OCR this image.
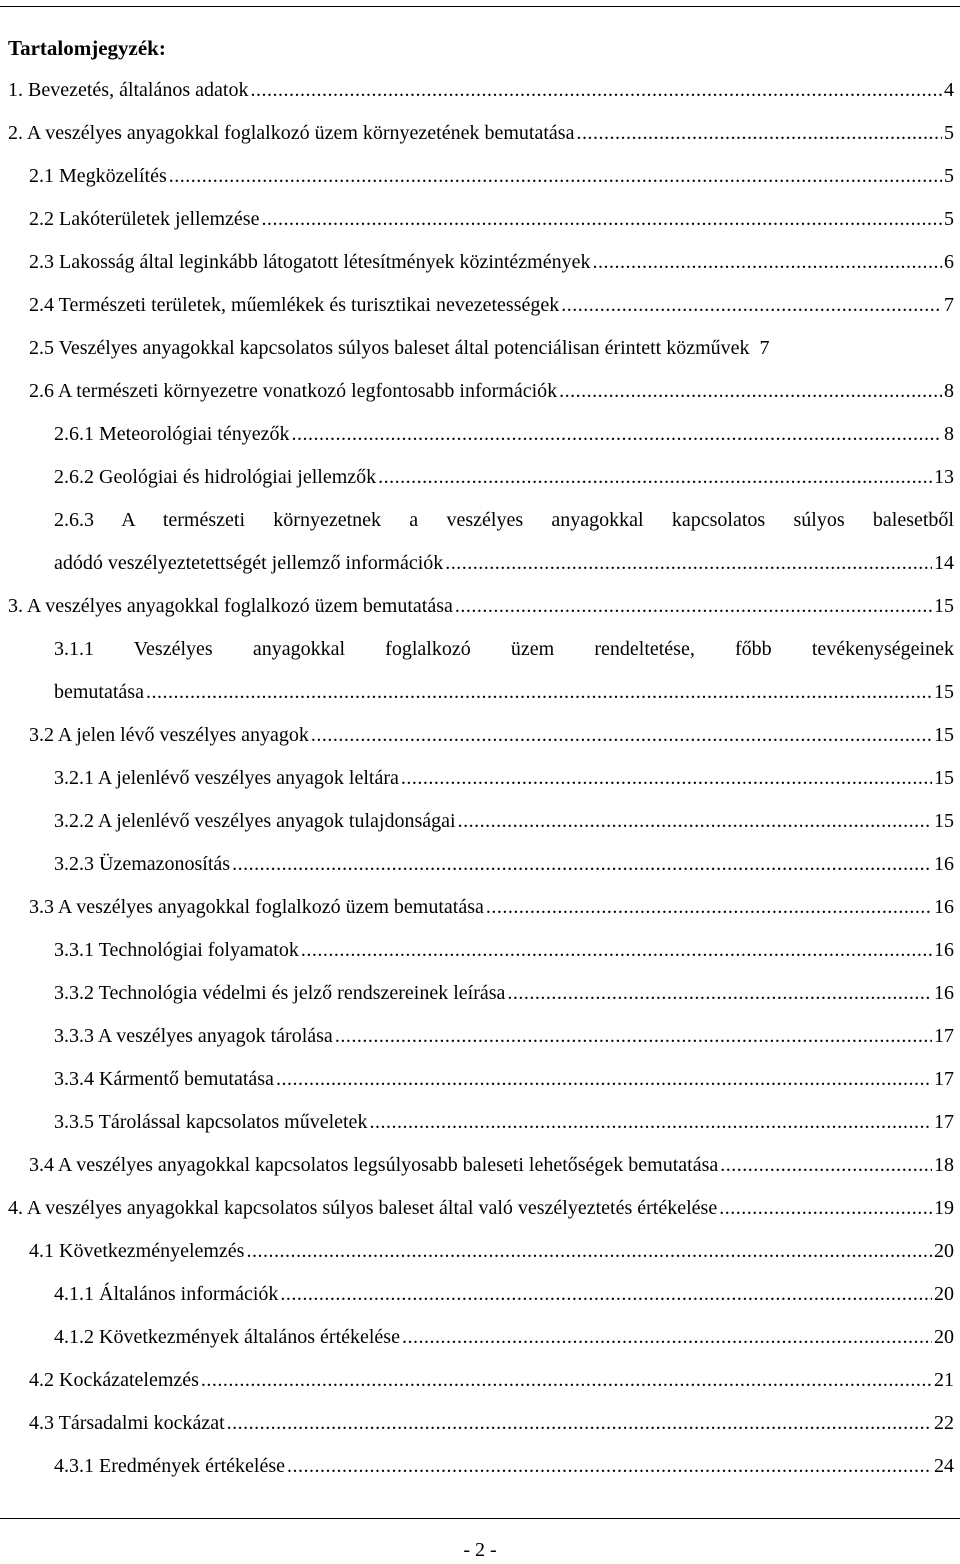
Tartalomjegyzék:
1. Bevezetés, általános adatok .....	4
2. A veszélyes anyagokkal foglalkozó üzem környezetének bemutatása .....	5
2.1 Megközelítés .....	5
2.2 Lakóterületek jellemzése .....	5
2.3 Lakosság által leginkább látogatott létesítmények közintézmények .....	6
2.4 Természeti területek, műemlékek és turisztikai nevezetességek .....	7
2.5 Veszélyes anyagokkal kapcsolatos súlyos baleset által potenciálisan érintett közművek 7
2.6 A természeti környezetre vonatkozó legfontosabb információk .....	8
2.6.1 Meteorológiai tényezők .....	8
2.6.2 Geológiai és hidrológiai jellemzők .....	13
2.6.3 A természeti környezetnek a veszélyes anyagokkal kapcsolatos súlyos balesetből
adódó veszélyeztetettségét jellemző információk .....	14
3. A veszélyes anyagokkal foglalkozó üzem bemutatása .....	15
3.1.1 Veszélyes anyagokkal foglalkozó üzem rendeltetése, főbb tevékenységeinek
bemutatása .....	15
3.2 A jelen lévő veszélyes anyagok .....	15
3.2.1 A jelenlévő veszélyes anyagok leltára .....	15
3.2.2 A jelenlévő veszélyes anyagok tulajdonságai .....	15
3.2.3 Üzemazonosítás .....	16
3.3 A veszélyes anyagokkal foglalkozó üzem bemutatása .....	16
3.3.1 Technológiai folyamatok .....	16
3.3.2 Technológia védelmi és jelző rendszereinek leírása .....	16
3.3.3 A veszélyes anyagok tárolása .....	17
3.3.4 Kármentő bemutatása .....	17
3.3.5 Tárolással kapcsolatos műveletek .....	17
3.4 A veszélyes anyagokkal kapcsolatos legsúlyosabb baleseti lehetőségek bemutatása .....	18
4. A veszélyes anyagokkal kapcsolatos súlyos baleset által való veszélyeztetés értékelése .....	19
4.1 Következményelemzés .....	20
4.1.1 Általános információk .....	20
4.1.2 Következmények általános értékelése .....	20
4.2 Kockázatelemzés .....	21
4.3 Társadalmi kockázat .....	22
4.3.1 Eredmények értékelése .....	24
- 2 -
